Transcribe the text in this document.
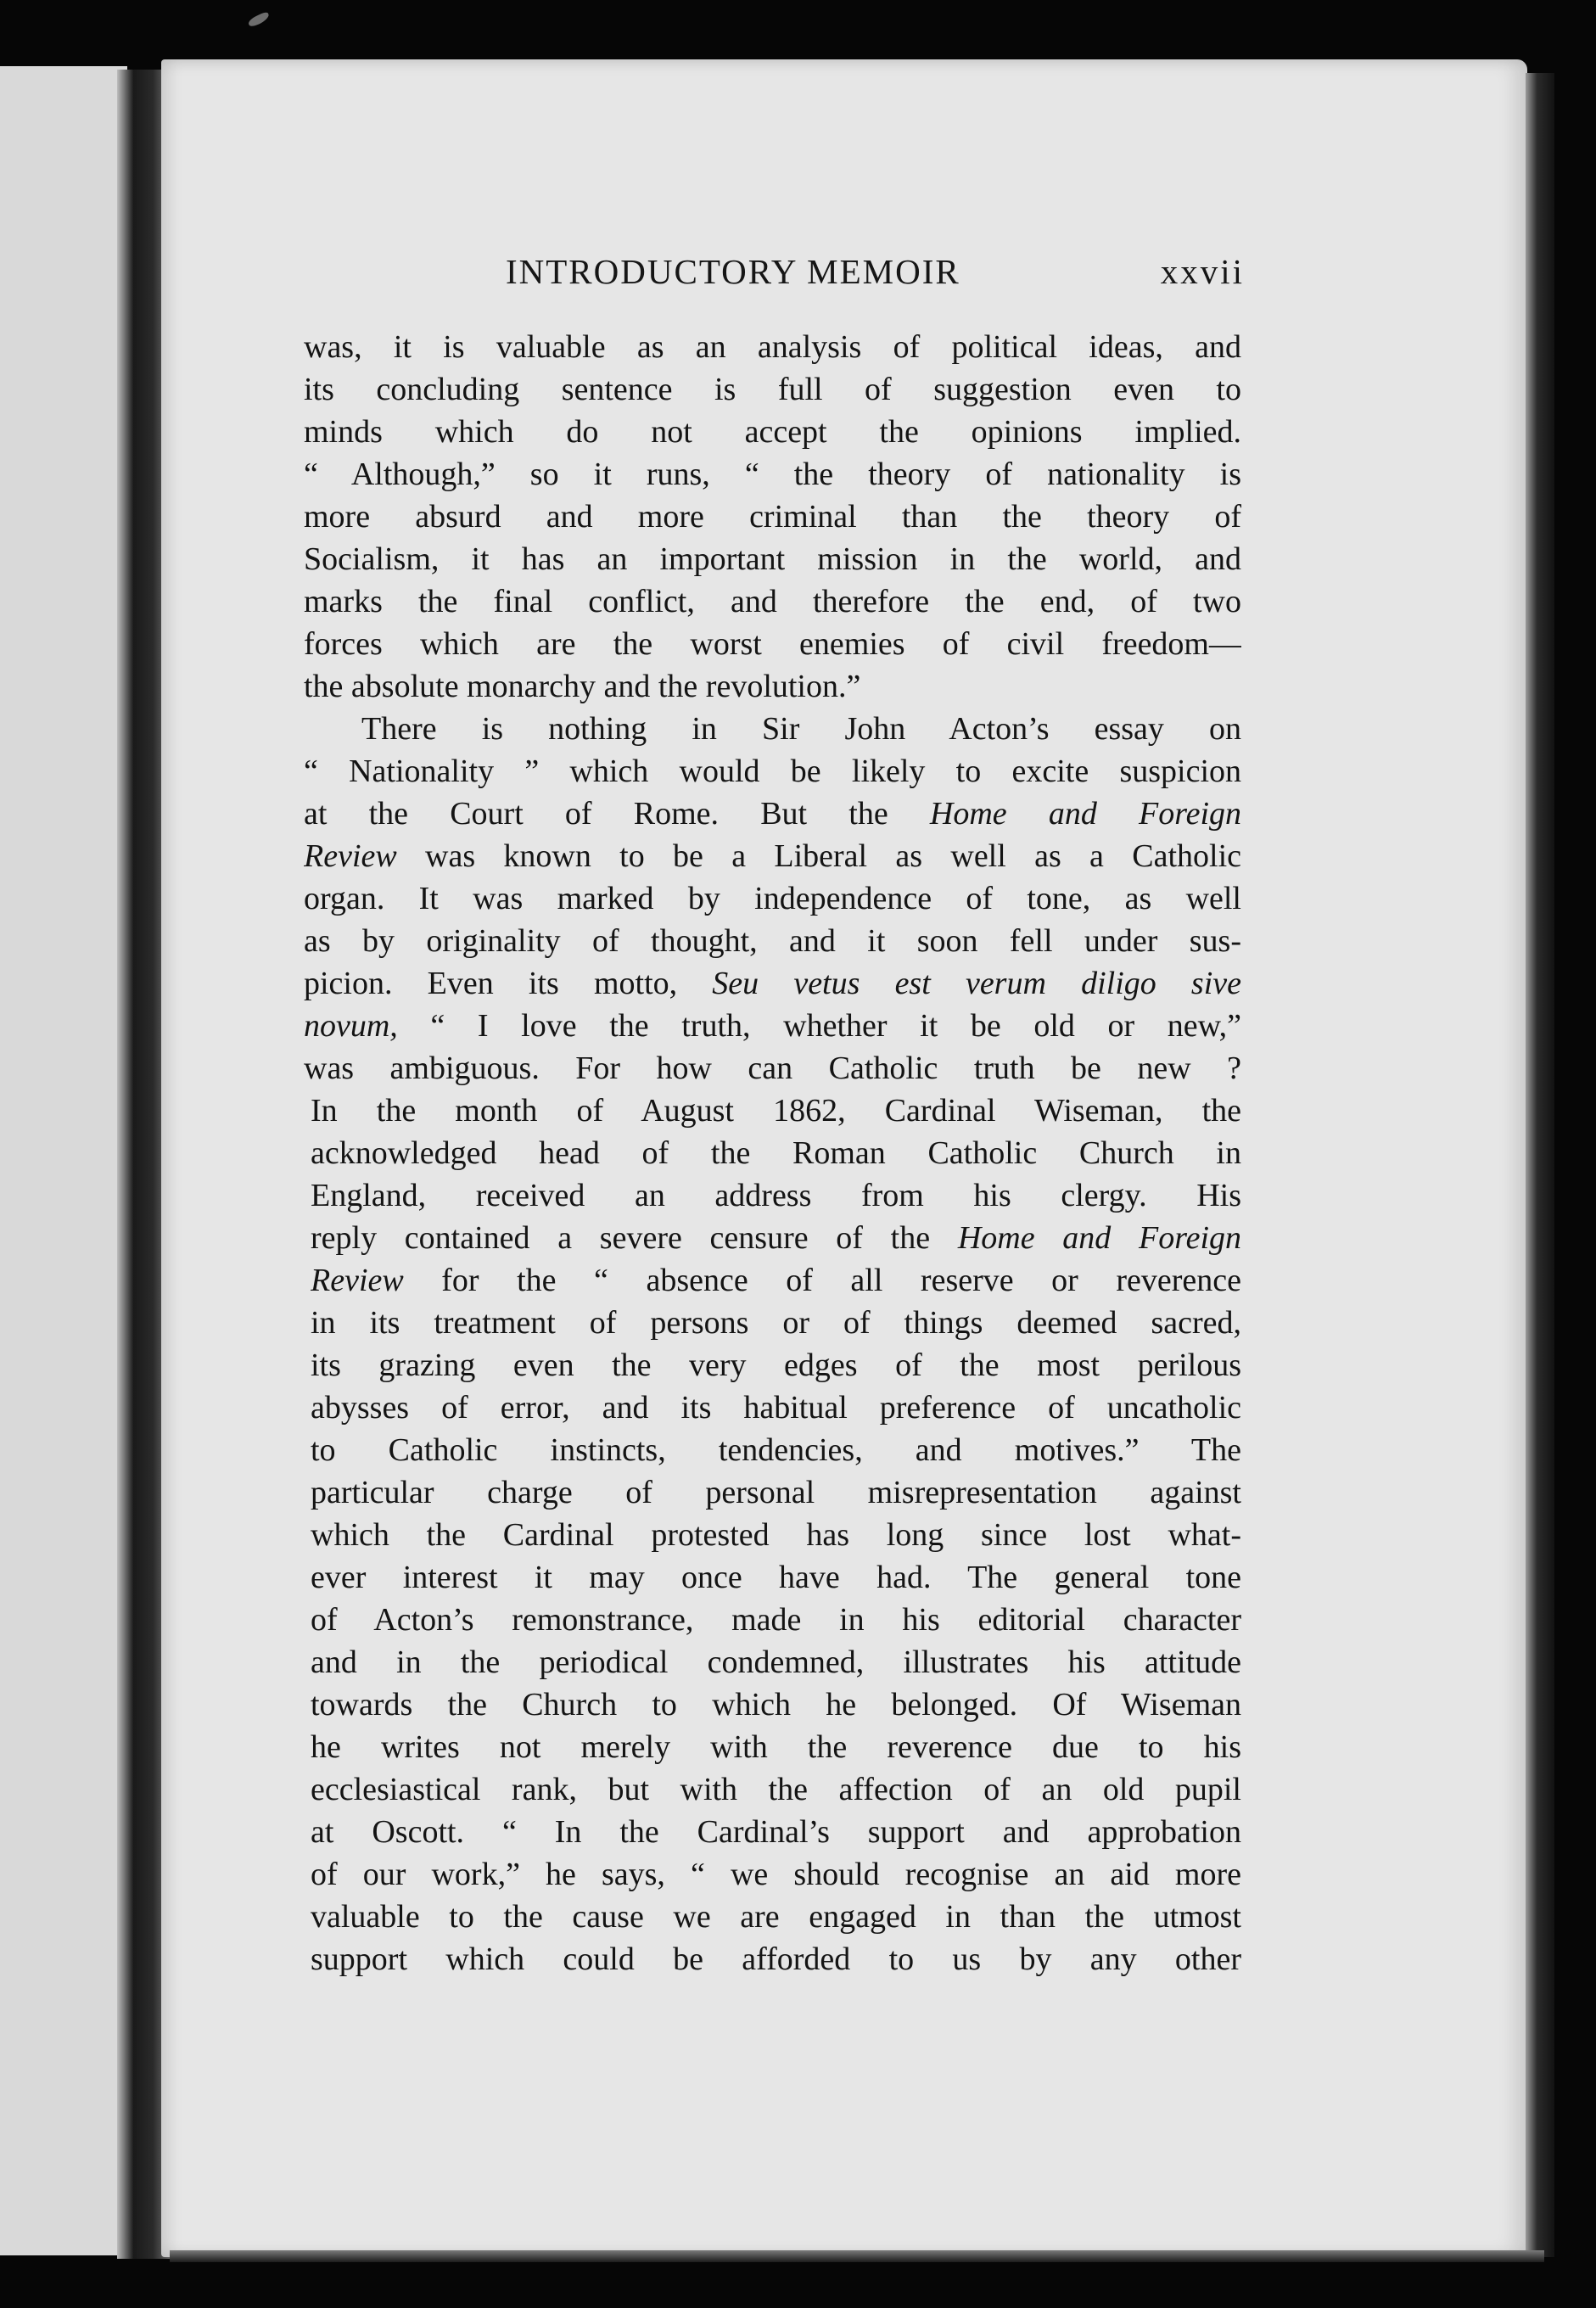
INTRODUCTORY MEMOIR	xxvii
was, it is valuable as an analysis of political ideas, and
its concluding sentence is full of suggestion even to
minds which do not accept the opinions implied.
“ Although,” so it runs, “ the theory of nationality is
more absurd and more criminal than the theory of
Socialism, it has an important mission in the world, and
marks the final conflict, and therefore the end, of two
forces which are the worst enemies of civil freedom—
the absolute monarchy and the revolution.”
There is nothing in Sir John Acton’s essay on
“ Nationality ” which would be likely to excite suspicion
at the Court of Rome. But the Home and Foreign
Review was known to be a Liberal as well as a Catholic
organ. It was marked by independence of tone, as well
as by originality of thought, and it soon fell under sus-
picion. Even its motto, Seu vetus est verum diligo sive
novum, “ I love the truth, whether it be old or new,”
was ambiguous. For how can Catholic truth be new ?
In the month of August 1862, Cardinal Wiseman, the
acknowledged head of the Roman Catholic Church in
England, received an address from his clergy. His
reply contained a severe censure of the Home and Foreign
Review for the “ absence of all reserve or reverence
in its treatment of persons or of things deemed sacred,
its grazing even the very edges of the most perilous
abysses of error, and its habitual preference of uncatholic
to Catholic instincts, tendencies, and motives.” The
particular charge of personal misrepresentation against
which the Cardinal protested has long since lost what-
ever interest it may once have had. The general tone
of Acton’s remonstrance, made in his editorial character
and in the periodical condemned, illustrates his attitude
towards the Church to which he belonged. Of Wiseman
he writes not merely with the reverence due to his
ecclesiastical rank, but with the affection of an old pupil
at Oscott. “ In the Cardinal’s support and approbation
of our work,” he says, “ we should recognise an aid more
valuable to the cause we are engaged in than the utmost
support which could be afforded to us by any other
